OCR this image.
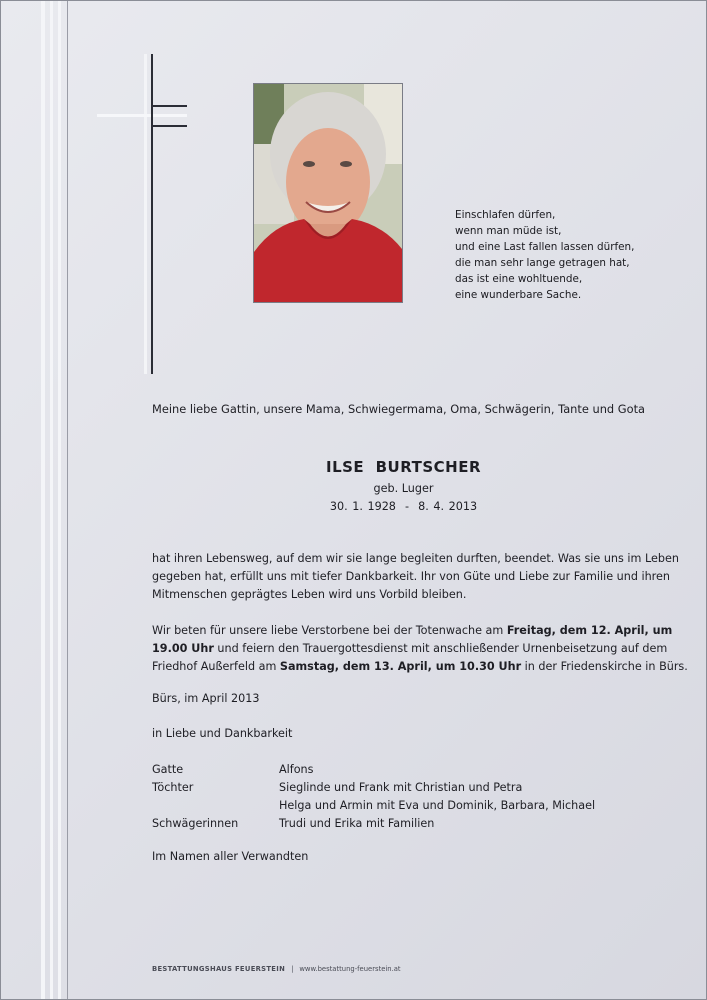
Einschlafen dürfen,
wenn man müde ist,
und eine Last fallen lassen dürfen,
die man sehr lange getragen hat,
das ist eine wohltuende,
eine wunderbare Sache.
Meine liebe Gattin, unsere Mama, Schwiegermama, Oma, Schwägerin, Tante und Gota
ILSE  BURTSCHER
geb. Luger
30. 1. 1928  -  8. 4. 2013
hat ihren Lebensweg, auf dem wir sie lange begleiten durften, beendet. Was sie uns im Leben
gegeben hat, erfüllt uns mit tiefer Dankbarkeit. Ihr von Güte und Liebe zur Familie und ihren
Mitmenschen geprägtes Leben wird uns Vorbild bleiben.
Wir beten für unsere liebe Verstorbene bei der Totenwache am Freitag, dem 12. April, um
19.00 Uhr und feiern den Trauergottesdienst mit anschließender Urnenbeisetzung auf dem
Friedhof Außerfeld am Samstag, dem 13. April, um 10.30 Uhr in der Friedenskirche in Bürs.
Bürs, im April 2013
in Liebe und Dankbarkeit
Gatte	Alfons
Töchter	Sieglinde und Frank mit Christian und Petra
Helga und Armin mit Eva und Dominik, Barbara, Michael
Schwägerinnen	Trudi und Erika mit Familien
Im Namen aller Verwandten
BESTATTUNGSHAUS FEUERSTEIN | www.bestattung-feuerstein.at
